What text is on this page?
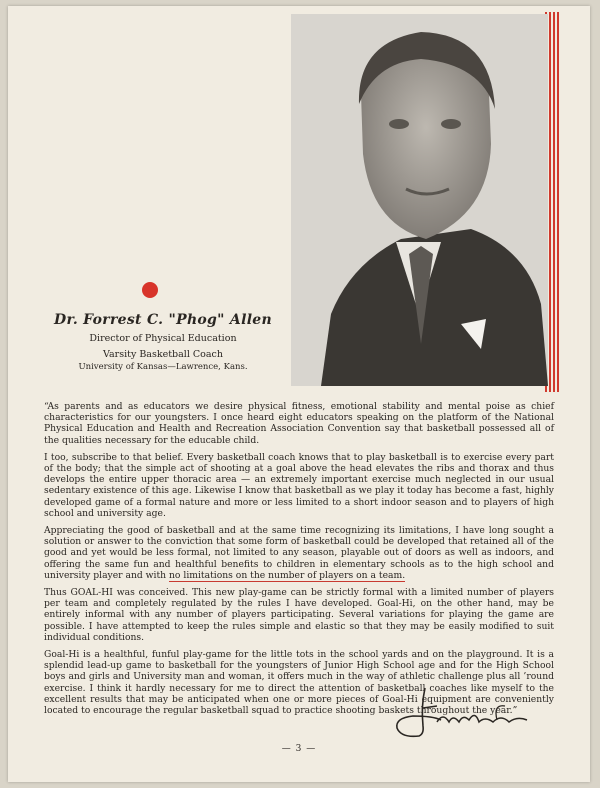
Dr. Forrest C. "Phog" Allen
Director of Physical Education
Varsity Basketball Coach
University of Kansas—Lawrence, Kans.

“As parents and as educators we desire physical fitness, emotional stability and mental poise as chief characteristics for our youngsters. I once heard eight educators speaking on the platform of the National Physical Education and Health and Recreation Association Convention say that basketball possessed all of the qualities necessary for the educable child.

I too, subscribe to that belief. Every basketball coach knows that to play basketball is to exercise every part of the body; that the simple act of shooting at a goal above the head elevates the ribs and thorax and thus develops the entire upper thoracic area — an extremely important exercise much neglected in our usual sedentary existence of this age. Likewise I know that basketball as we play it today has become a fast, highly developed game of a formal nature and more or less limited to a short indoor season and to players of high school and university age.

Appreciating the good of basketball and at the same time recognizing its limitations, I have long sought a solution or answer to the conviction that some form of basketball could be developed that retained all of the good and yet would be less formal, not limited to any season, playable out of doors as well as indoors, and offering the same fun and healthful benefits to children in elementary schools as to the high school and university player and with no limitations on the number of players on a team.

Thus GOAL-HI was conceived. This new play-game can be strictly formal with a limited number of players per team and completely regulated by the rules I have developed. Goal-Hi, on the other hand, may be entirely informal with any number of players participating. Several variations for playing the game are possible. I have attempted to keep the rules simple and elastic so that they may be easily modified to suit individual conditions.

Goal-Hi is a healthful, funful play-game for the little tots in the school yards and on the playground. It is a splendid lead-up game to basketball for the youngsters of Junior High School age and for the High School boys and girls and University man and woman, it offers much in the way of athletic challenge plus all ’round exercise. I think it hardly necessary for me to direct the attention of basketball coaches like myself to the excellent results that may be anticipated when one or more pieces of Goal-Hi equipment are conveniently located to encourage the regular basketball squad to practice shooting baskets throughout the year.”

— 3 —
